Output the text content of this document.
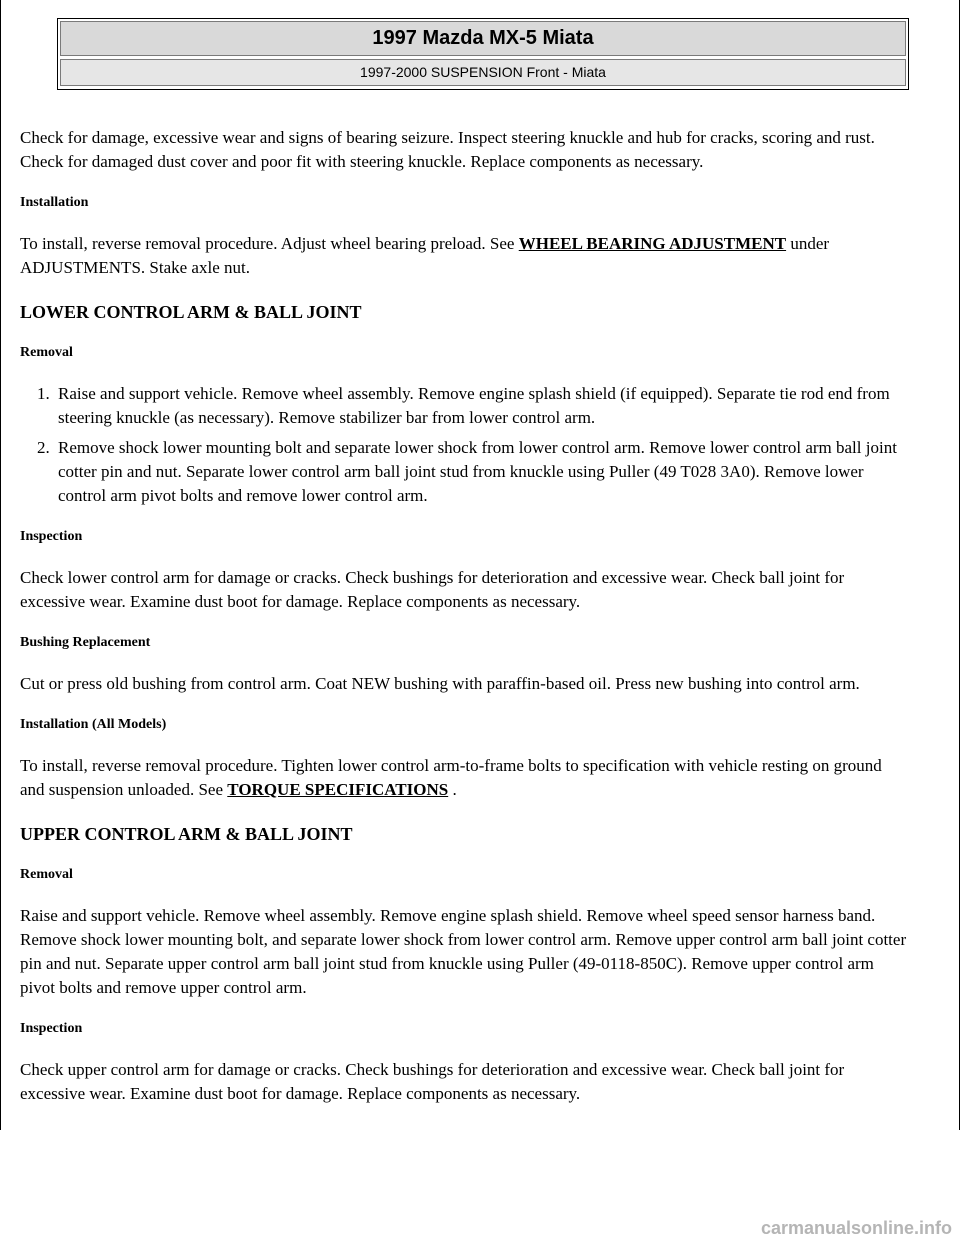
1997 Mazda MX-5 Miata
1997-2000 SUSPENSION Front - Miata

Check for damage, excessive wear and signs of bearing seizure. Inspect steering knuckle and hub for cracks, scoring and rust. Check for damaged dust cover and poor fit with steering knuckle. Replace components as necessary.

Installation

To install, reverse removal procedure. Adjust wheel bearing preload. See WHEEL BEARING ADJUSTMENT under ADJUSTMENTS. Stake axle nut.

LOWER CONTROL ARM & BALL JOINT

Removal

1. Raise and support vehicle. Remove wheel assembly. Remove engine splash shield (if equipped). Separate tie rod end from steering knuckle (as necessary). Remove stabilizer bar from lower control arm.
2. Remove shock lower mounting bolt and separate lower shock from lower control arm. Remove lower control arm ball joint cotter pin and nut. Separate lower control arm ball joint stud from knuckle using Puller (49 T028 3A0). Remove lower control arm pivot bolts and remove lower control arm.

Inspection

Check lower control arm for damage or cracks. Check bushings for deterioration and excessive wear. Check ball joint for excessive wear. Examine dust boot for damage. Replace components as necessary.

Bushing Replacement

Cut or press old bushing from control arm. Coat NEW bushing with paraffin-based oil. Press new bushing into control arm.

Installation (All Models)

To install, reverse removal procedure. Tighten lower control arm-to-frame bolts to specification with vehicle resting on ground and suspension unloaded. See TORQUE SPECIFICATIONS .

UPPER CONTROL ARM & BALL JOINT

Removal

Raise and support vehicle. Remove wheel assembly. Remove engine splash shield. Remove wheel speed sensor harness band. Remove shock lower mounting bolt, and separate lower shock from lower control arm. Remove upper control arm ball joint cotter pin and nut. Separate upper control arm ball joint stud from knuckle using Puller (49-0118-850C). Remove upper control arm pivot bolts and remove upper control arm.

Inspection

Check upper control arm for damage or cracks. Check bushings for deterioration and excessive wear. Check ball joint for excessive wear. Examine dust boot for damage. Replace components as necessary.

carmanualsonline.info
